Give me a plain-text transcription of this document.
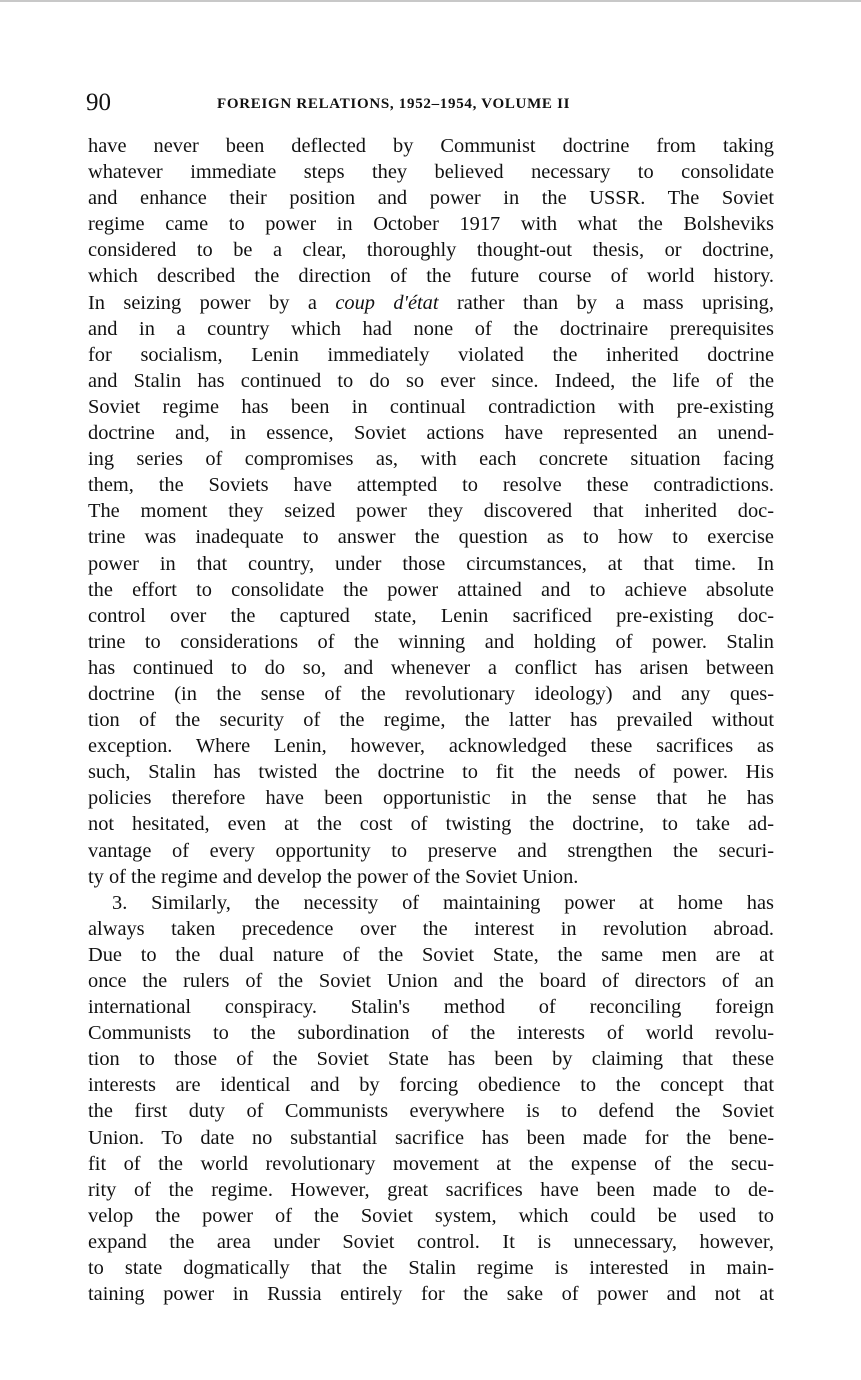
90	FOREIGN RELATIONS, 1952–1954, VOLUME II
have never been deflected by Communist doctrine from taking
whatever immediate steps they believed necessary to consolidate
and enhance their position and power in the USSR. The Soviet
regime came to power in October 1917 with what the Bolsheviks
considered to be a clear, thoroughly thought-out thesis, or doctrine,
which described the direction of the future course of world history.
In seizing power by a coup d'état rather than by a mass uprising,
and in a country which had none of the doctrinaire prerequisites
for socialism, Lenin immediately violated the inherited doctrine
and Stalin has continued to do so ever since. Indeed, the life of the
Soviet regime has been in continual contradiction with pre-existing
doctrine and, in essence, Soviet actions have represented an unend-
ing series of compromises as, with each concrete situation facing
them, the Soviets have attempted to resolve these contradictions.
The moment they seized power they discovered that inherited doc-
trine was inadequate to answer the question as to how to exercise
power in that country, under those circumstances, at that time. In
the effort to consolidate the power attained and to achieve absolute
control over the captured state, Lenin sacrificed pre-existing doc-
trine to considerations of the winning and holding of power. Stalin
has continued to do so, and whenever a conflict has arisen between
doctrine (in the sense of the revolutionary ideology) and any ques-
tion of the security of the regime, the latter has prevailed without
exception. Where Lenin, however, acknowledged these sacrifices as
such, Stalin has twisted the doctrine to fit the needs of power. His
policies therefore have been opportunistic in the sense that he has
not hesitated, even at the cost of twisting the doctrine, to take ad-
vantage of every opportunity to preserve and strengthen the securi-
ty of the regime and develop the power of the Soviet Union.
3. Similarly, the necessity of maintaining power at home has
always taken precedence over the interest in revolution abroad.
Due to the dual nature of the Soviet State, the same men are at
once the rulers of the Soviet Union and the board of directors of an
international conspiracy. Stalin's method of reconciling foreign
Communists to the subordination of the interests of world revolu-
tion to those of the Soviet State has been by claiming that these
interests are identical and by forcing obedience to the concept that
the first duty of Communists everywhere is to defend the Soviet
Union. To date no substantial sacrifice has been made for the bene-
fit of the world revolutionary movement at the expense of the secu-
rity of the regime. However, great sacrifices have been made to de-
velop the power of the Soviet system, which could be used to
expand the area under Soviet control. It is unnecessary, however,
to state dogmatically that the Stalin regime is interested in main-
taining power in Russia entirely for the sake of power and not at
